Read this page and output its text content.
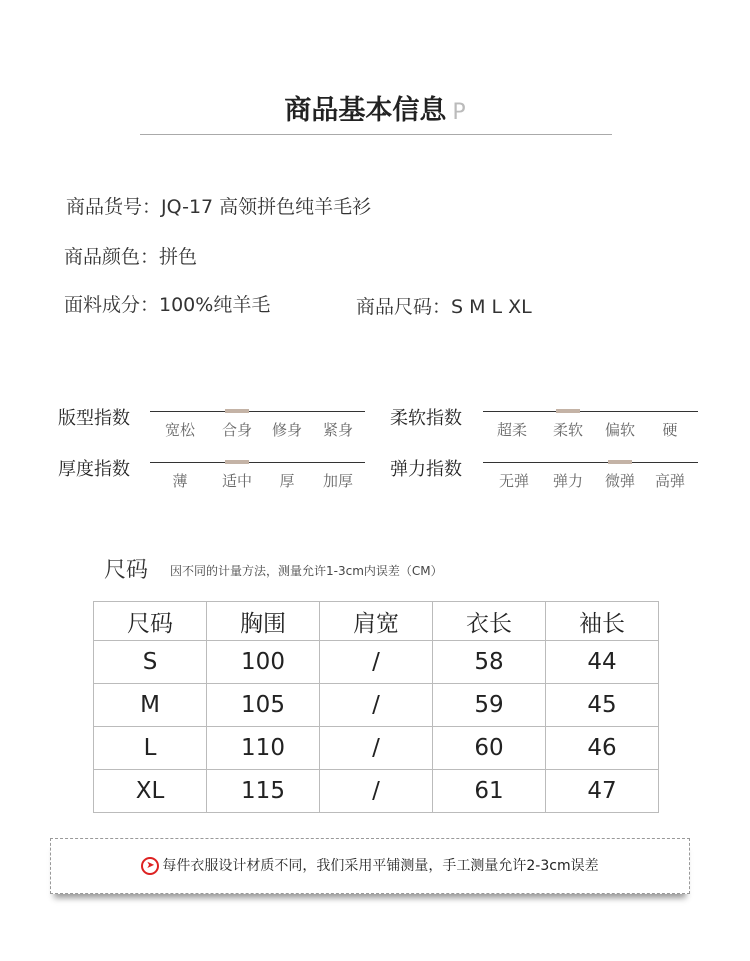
商品基本信息 P
商品货号：JQ-17 高领拼色纯羊毛衫
商品颜色：拼色
面料成分：100%纯羊毛	商品尺码：S M L XL
版型指数
宽松	合身	修身	紧身
柔软指数
超柔	柔软	偏软	硬
厚度指数
薄	适中	厚	加厚
弹力指数
无弹	弹力	微弹	高弹
尺码 因不同的计量方法，测量允许1-3cm内误差（CM）
尺码	胸围	肩宽	衣长	袖长
S	100	/	58	44
M	105	/	59	45
L	110	/	60	46
XL	115	/	61	47
➤ 每件衣服设计材质不同，我们采用平铺测量，手工测量允许2-3cm误差
